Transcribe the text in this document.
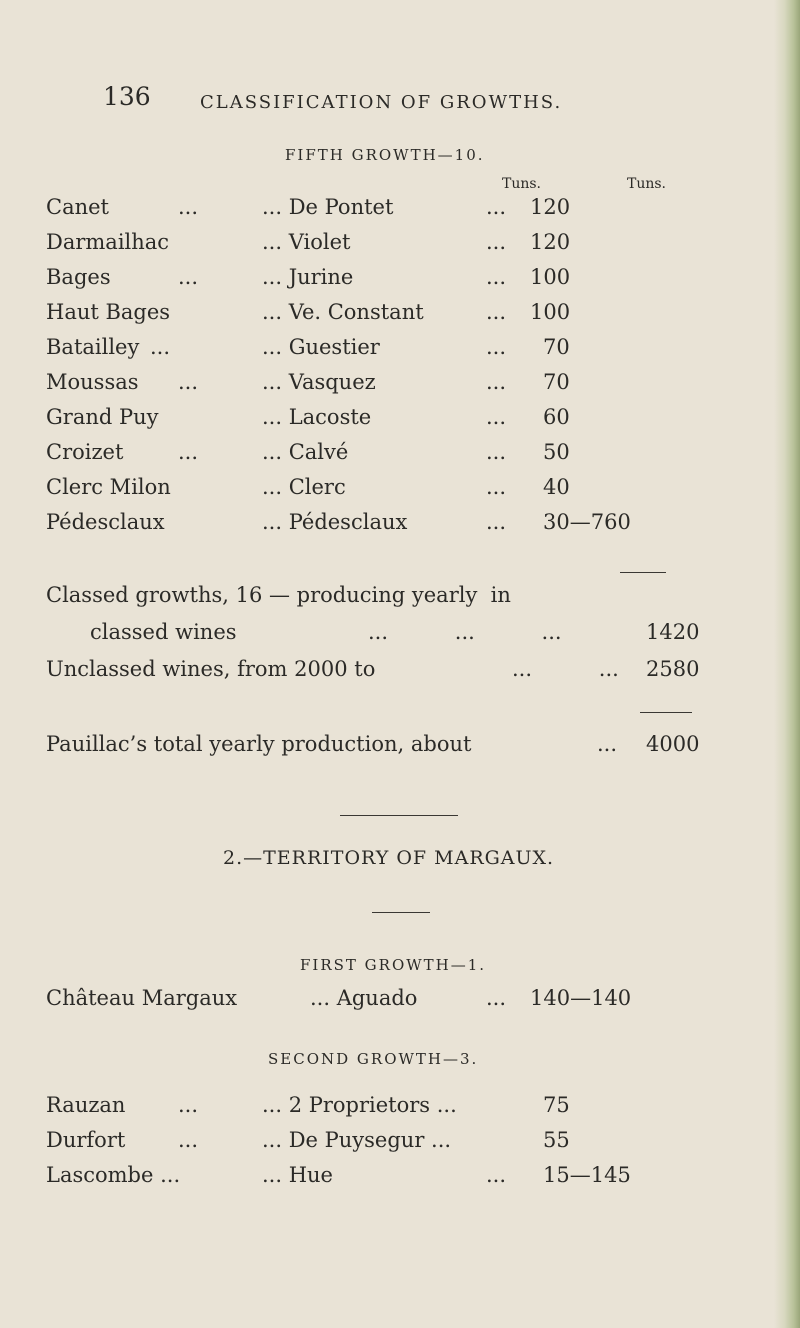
136	CLASSIFICATION OF GROWTHS.
FIFTH GROWTH—10.
Tuns.	Tuns.
Canet	...	... De Pontet	... 120
Darmailhac	... Violet	... 120
Bages	...	... Jurine	... 100
Haut Bages	... Ve. Constant	... 100
Batailley ...	... Guestier	... 70
Moussas ...	... Vasquez	... 70
Grand Puy	... Lacoste	... 60
Croizet	...	... Calvé	... 50
Clerc Milon	... Clerc	... 40
Pédesclaux	... Pédesclaux	... 30—760
Classed growths, 16 — producing yearly  in
classed wines	...          ...          ...	1420
Unclassed wines, from 2000 to	...          ... 2580
Pauillac’s total yearly production, about	... 4000
2.—TERRITORY OF MARGAUX.
FIRST GROWTH—1.
Château Margaux	... Aguado	... 140—140
SECOND GROWTH—3.
Rauzan	...	... 2 Proprietors ...	75
Durfort	...	... De Puysegur ...	55
Lascombe ...	... Hue	... 15—145
